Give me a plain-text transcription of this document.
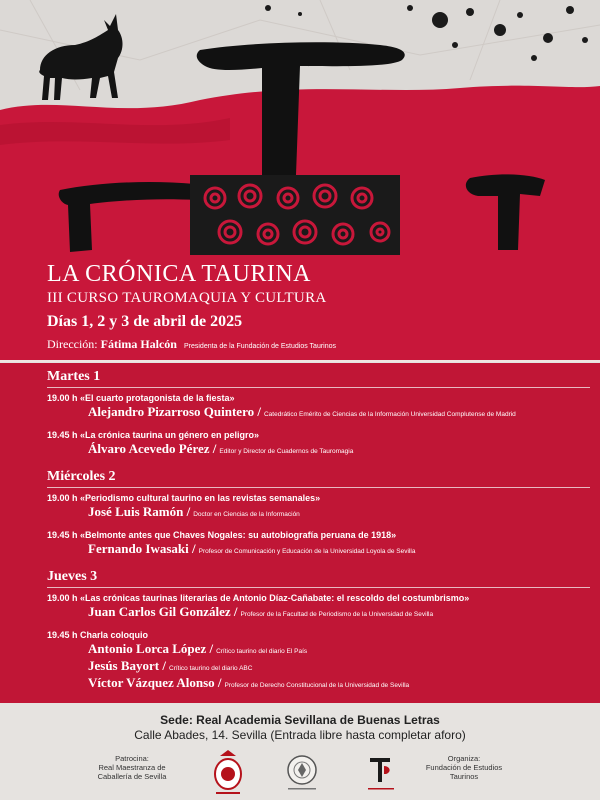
LA CRÓNICA TAURINA
III CURSO TAUROMAQUIA Y CULTURA
Días 1, 2 y 3 de abril de 2025
Dirección: Fátima Halcón Presidenta de la Fundación de Estudios Taurinos
Martes 1
19.00 h «El cuarto protagonista de la fiesta»
Alejandro Pizarroso Quintero / Catedrático Emérito de Ciencias de la Información Universidad Complutense de Madrid
19.45 h «La crónica taurina un género en peligro»
Álvaro Acevedo Pérez / Editor y Director de Cuadernos de Tauromagia
Miércoles 2
19.00 h «Periodismo cultural taurino en las revistas semanales»
José Luis Ramón / Doctor en Ciencias de la Información
19.45 h «Belmonte antes que Chaves Nogales: su autobiografía peruana de 1918»
Fernando Iwasaki / Profesor de Comunicación y Educación de la Universidad Loyola de Sevilla
Jueves 3
19.00 h «Las crónicas taurinas literarias de Antonio Díaz-Cañabate: el rescoldo del costumbrismo»
Juan Carlos Gil González / Profesor de la Facultad de Periodismo de la Universidad de Sevilla
19.45 h Charla coloquio
Antonio Lorca López / Crítico taurino del diario El País
Jesús Bayort / Crítico taurino del diario ABC
Víctor Vázquez Alonso / Profesor de Derecho Constitucional de la Universidad de Sevilla
Sede: Real Academia Sevillana de Buenas Letras
Calle Abades, 14. Sevilla (Entrada libre hasta completar aforo)
Patrocina:
Real Maestranza de Caballería de Sevilla
Organiza:
Fundación de Estudios Taurinos
